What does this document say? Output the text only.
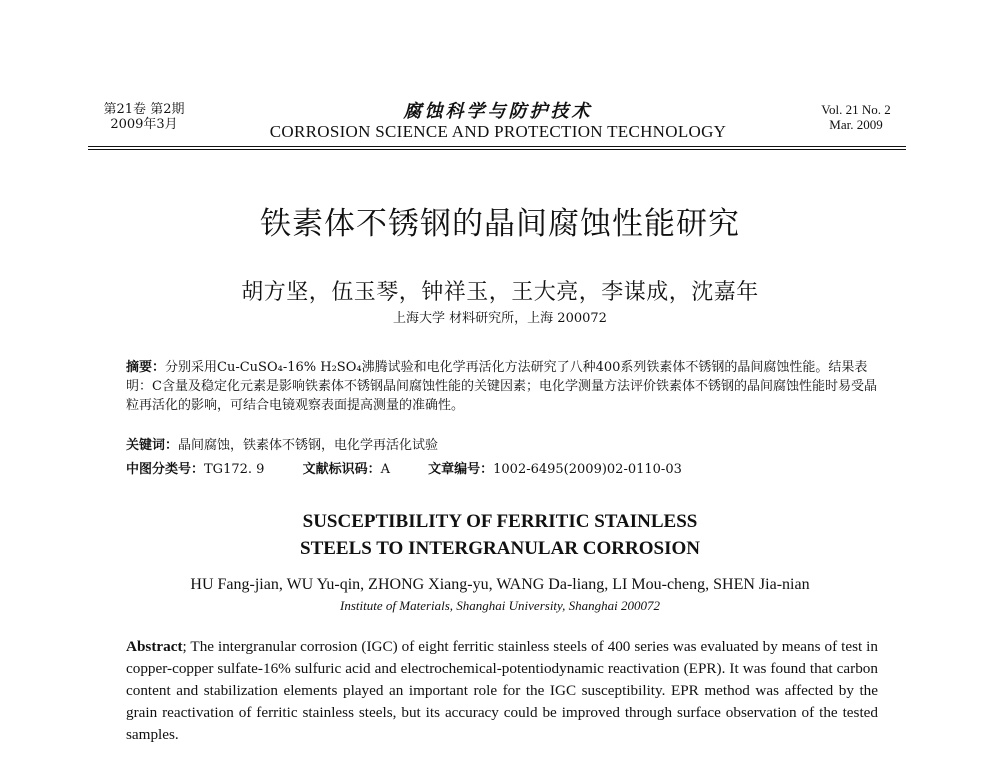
第21卷 第2期
2009年3月
腐蚀科学与防护技术
CORROSION SCIENCE AND PROTECTION TECHNOLOGY
Vol. 21 No. 2
Mar. 2009
铁素体不锈钢的晶间腐蚀性能研究
胡方坚，伍玉琴，钟祥玉，王大亮，李谋成，沈嘉年
上海大学 材料研究所，上海 200072
摘要：分别采用Cu-CuSO₄-16% H₂SO₄沸腾试验和电化学再活化方法研究了八种400系列铁素体不锈钢的晶间腐蚀性能。结果表明：C含量及稳定化元素是影响铁素体不锈钢晶间腐蚀性能的关键因素；电化学测量方法评价铁素体不锈钢的晶间腐蚀性能时易受晶粒再活化的影响，可结合电镜观察表面提高测量的准确性。
关键词：晶间腐蚀，铁素体不锈钢，电化学再活化试验
中图分类号：TG172. 9	文献标识码：A	文章编号：1002-6495(2009)02-0110-03
SUSCEPTIBILITY OF FERRITIC STAINLESS
STEELS TO INTERGRANULAR CORROSION
HU Fang-jian, WU Yu-qin, ZHONG Xiang-yu, WANG Da-liang, LI Mou-cheng, SHEN Jia-nian
Institute of Materials, Shanghai University, Shanghai 200072
Abstract; The intergranular corrosion (IGC) of eight ferritic stainless steels of 400 series was evaluated by means of test in copper-copper sulfate-16% sulfuric acid and electrochemical-potentiodynamic reactivation (EPR). It was found that carbon content and stabilization elements played an important role for the IGC susceptibility. EPR method was affected by the grain reactivation of ferritic stainless steels, but its accuracy could be improved through surface observation of the tested samples.
